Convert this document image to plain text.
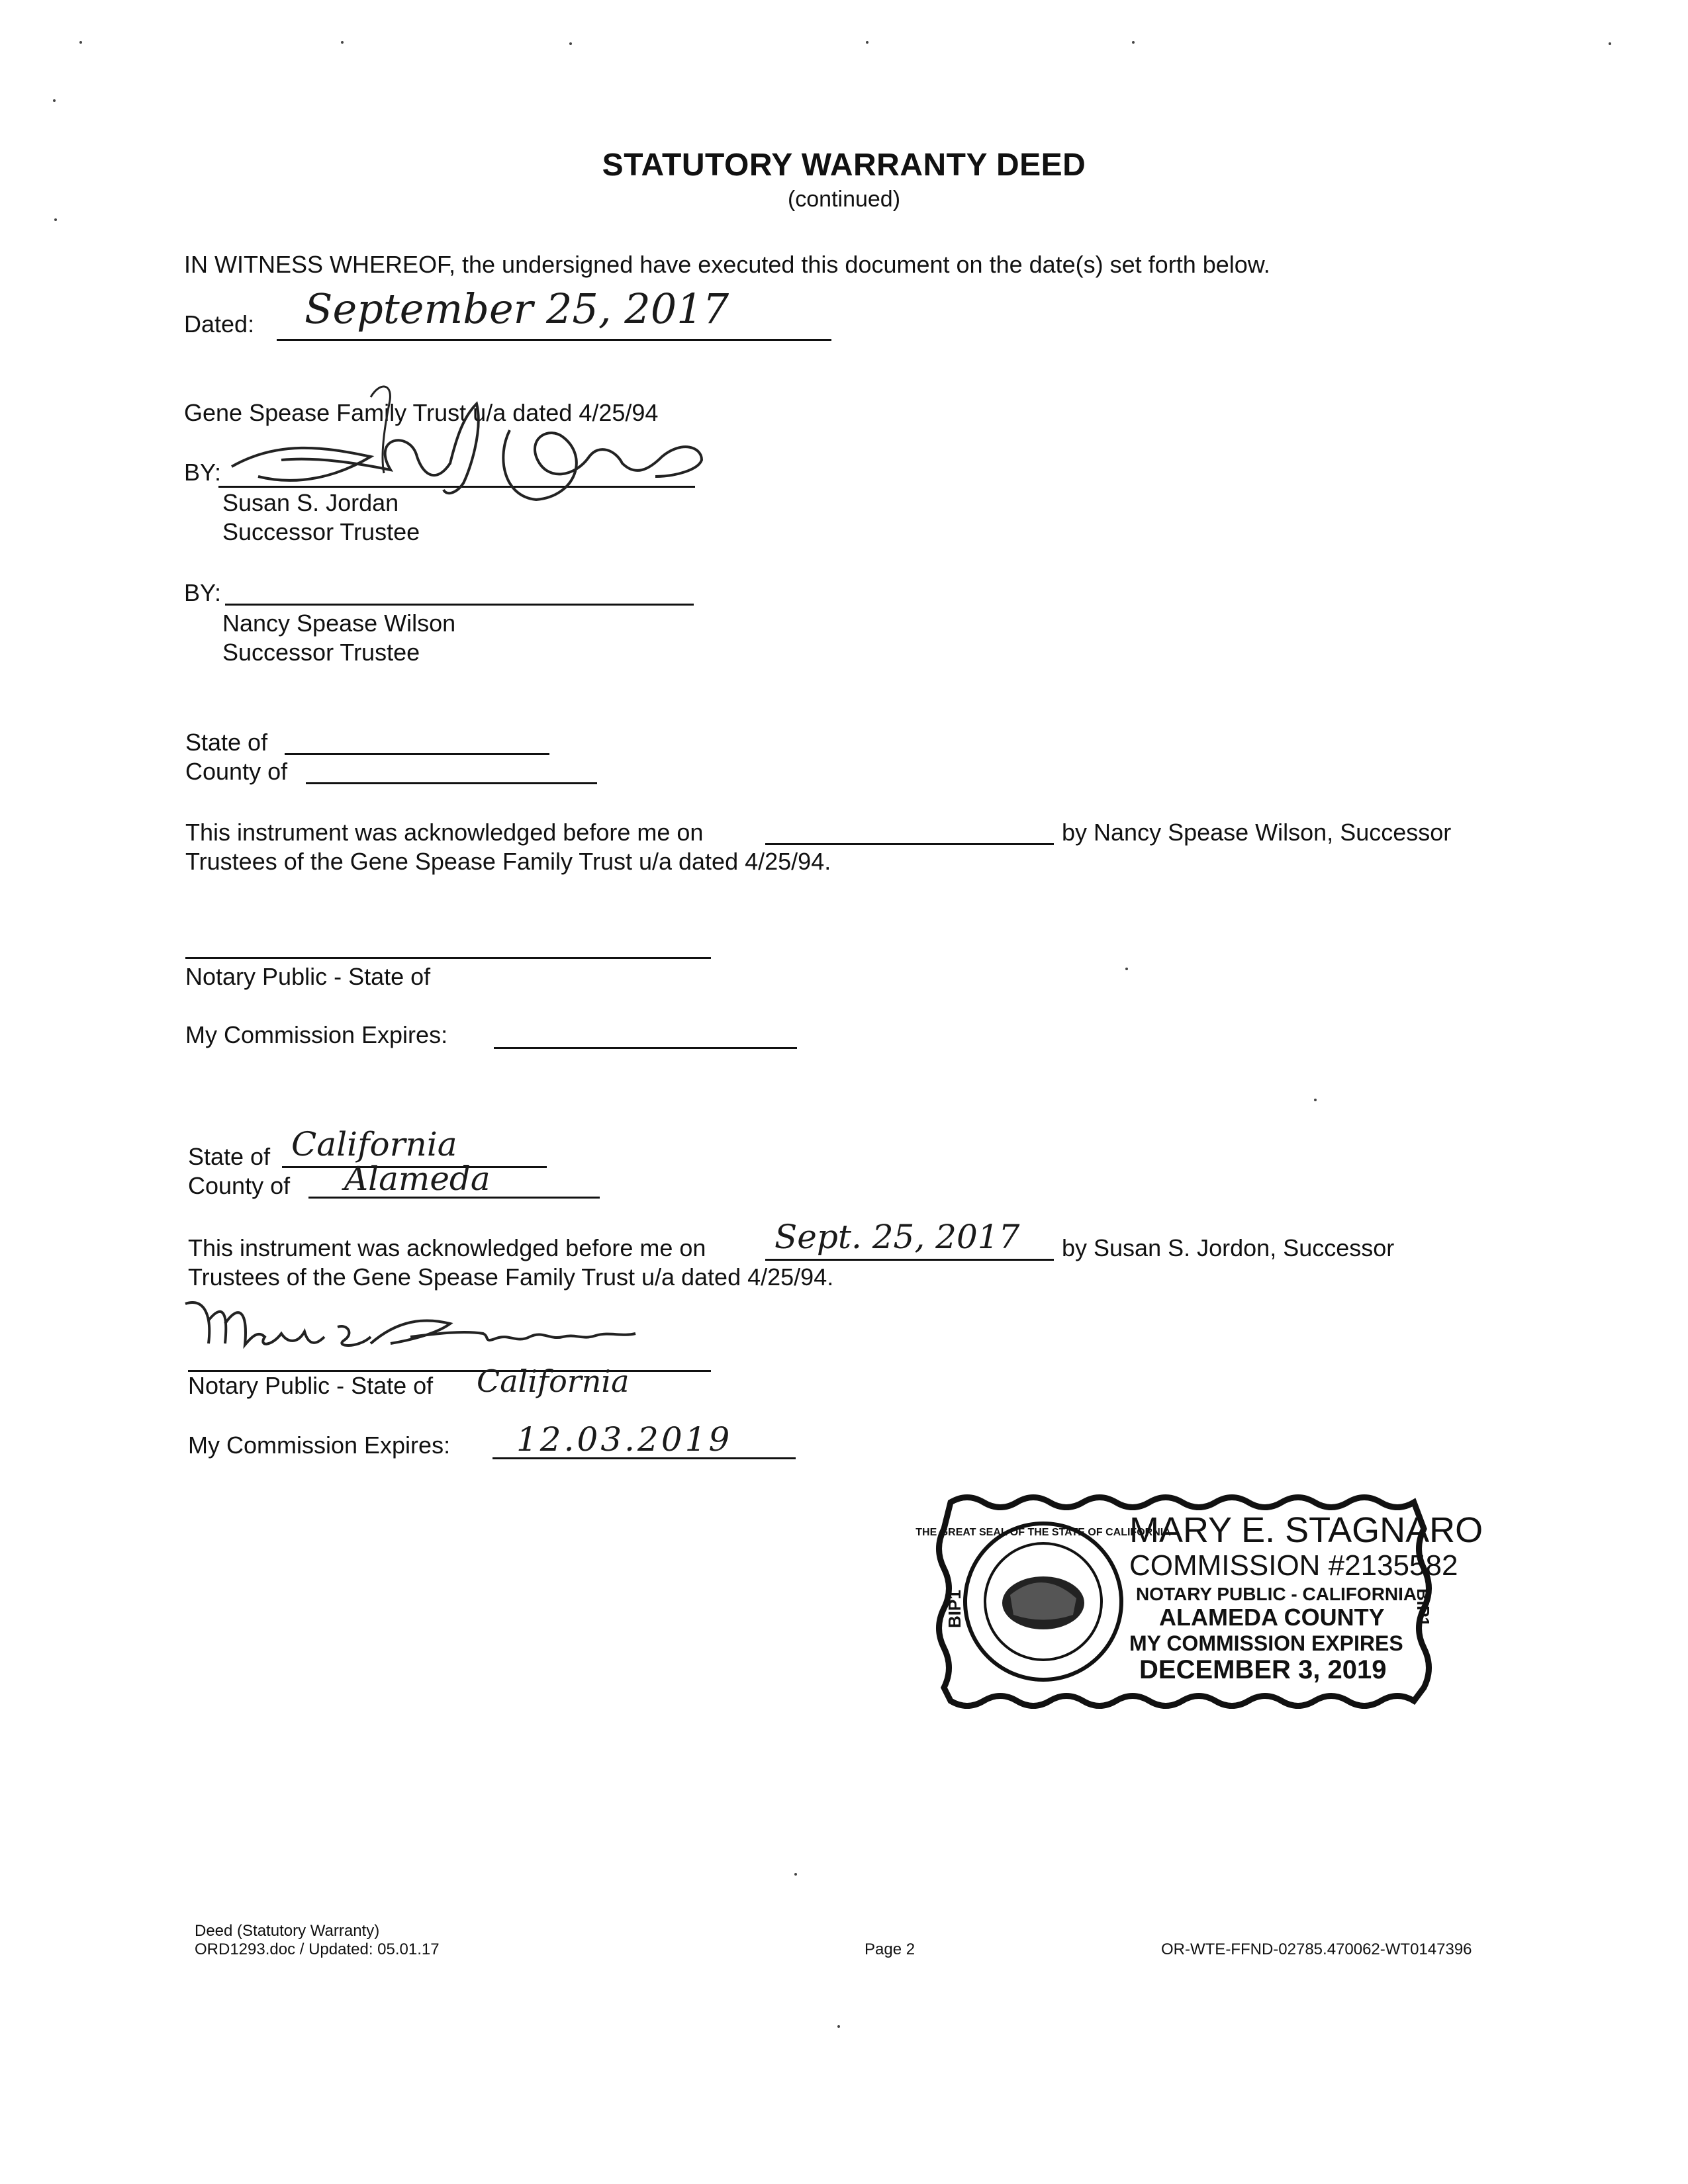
STATUTORY WARRANTY DEED
(continued)
IN WITNESS WHEREOF, the undersigned have executed this document on the date(s) set forth below.
Dated: September 25, 2017
Gene Spease Family Trust u/a dated 4/25/94
BY:
Susan S. Jordan
Successor Trustee
BY:
Nancy Spease Wilson
Successor Trustee
State of
County of
This instrument was acknowledged before me on	by Nancy Spease Wilson, Successor
Trustees of the Gene Spease Family Trust u/a dated 4/25/94.
Notary Public - State of
My Commission Expires:
State of California
County of Alameda
This instrument was acknowledged before me on Sept. 25, 2017 by Susan S. Jordon, Successor
Trustees of the Gene Spease Family Trust u/a dated 4/25/94.
Notary Public - State of California
My Commission Expires: 12.03.2019
THE GREAT SEAL OF THE STATE OF CALIFORNIA
BIP1	BIP1
MARY E. STAGNARO
COMMISSION #2135582
NOTARY PUBLIC - CALIFORNIA
ALAMEDA COUNTY
MY COMMISSION EXPIRES
DECEMBER 3, 2019
Deed (Statutory Warranty)
ORD1293.doc / Updated: 05.01.17	Page 2	OR-WTE-FFND-02785.470062-WT0147396
